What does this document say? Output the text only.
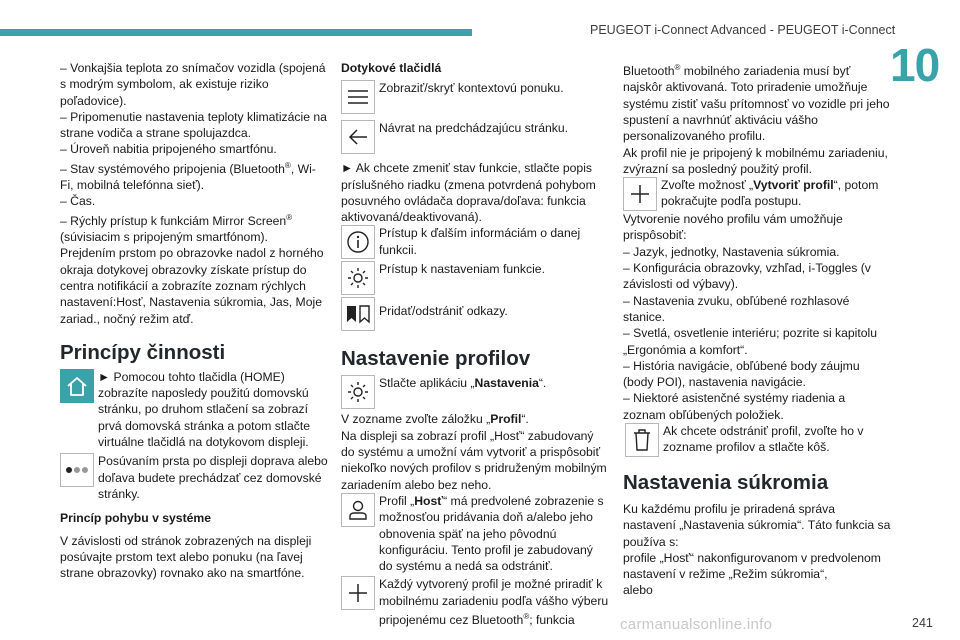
PEUGEOT i-Connect Advanced - PEUGEOT i-Connect
10

– Vonkajšia teplota zo snímačov vozidla (spojená s modrým symbolom, ak existuje riziko poľadovice).

– Pripomenutie nastavenia teploty klimatizácie na strane vodiča a strane spolujazdca.

– Úroveň nabitia pripojeného smartfónu.

– Stav systémového pripojenia (Bluetooth®, Wi-Fi, mobilná telefónna sieť).

– Čas.

– Rýchly prístup k funkciám Mirror Screen® (súvisiacim s pripojeným smartfónom).

Prejdením prstom po obrazovke nadol z horného okraja dotykovej obrazovky získate prístup do centra notifikácií a zobrazíte zoznam rýchlych nastavení:Hosť, Nastavenia súkromia, Jas, Moje zariad., nočný režim atď.

Princípy činnosti
► Pomocou tohto tlačidla (HOME) zobrazíte naposledy použitú domovskú stránku, po druhom stlačení sa zobrazí prvá domovská stránka a potom stlačte virtuálne tlačidlá na dotykovom displeji.
Posúvaním prsta po displeji doprava alebo doľava budete prechádzať cez domovské stránky.

Princíp pohybu v systéme

V závislosti od stránok zobrazených na displeji posúvajte prstom text alebo ponuku (na ľavej strane obrazovky) rovnako ako na smartfóne.

Dotykové tlačidlá

Zobraziť/skryť kontextovú ponuku.
Návrat na predchádzajúcu stránku.

► Ak chcete zmeniť stav funkcie, stlačte popis príslušného riadku (zmena potvrdená pohybom posuvného ovládača doprava/doľava: funkcia aktivovaná/deaktivovaná).

Prístup k ďalším informáciám o danej funkcii.
Prístup k nastaveniam funkcie.
Pridať/odstrániť odkazy.
Nastavenie profilov
Stlačte aplikáciu „Nastavenia“.

V zozname zvoľte záložku „Profil“.

Na displeji sa zobrazí profil „Hosť“ zabudovaný do systému a umožní vám vytvoriť a prispôsobiť niekoľko nových profilov s pridruženým mobilným zariadením alebo bez neho.

Profil „Hosť“ má predvolené zobrazenie s možnosťou pridávania doň a/alebo jeho obnovenia späť na jeho pôvodnú konfiguráciu. Tento profil je zabudovaný do systému a nedá sa odstrániť.
Každý vytvorený profil je možné priradiť k mobilnému zariadeniu podľa vášho výberu pripojenému cez Bluetooth®; funkcia

Bluetooth® mobilného zariadenia musí byť najskôr aktivovaná. Toto priradenie umožňuje systému zistiť vašu prítomnosť vo vozidle pri jeho spustení a navrhnúť aktiváciu vášho personalizovaného profilu.

Ak profil nie je pripojený k mobilnému zariadeniu, zvýrazní sa posledný použitý profil.

Zvoľte možnosť „Vytvoriť profil“, potom pokračujte podľa postupu.

Vytvorenie nového profilu vám umožňuje prispôsobiť:

– Jazyk, jednotky, Nastavenia súkromia.

– Konfigurácia obrazovky, vzhľad, i-Toggles (v závislosti od výbavy).

– Nastavenia zvuku, obľúbené rozhlasové stanice.

– Svetlá, osvetlenie interiéru; pozrite si kapitolu „Ergonómia a komfort“.

– História navigácie, obľúbené body záujmu (body POI), nastavenia navigácie.

– Niektoré asistenčné systémy riadenia a zoznam obľúbených položiek.

Ak chcete odstrániť profil, zvoľte ho v zozname profilov a stlačte kôš.
Nastavenia súkromia

Ku každému profilu je priradená správa nastavení „Nastavenia súkromia“. Táto funkcia sa používa s:

profile „Hosť“ nakonfigurovanom v predvolenom nastavení v režime „Režim súkromia“,

alebo

carmanualsonline.info	241
